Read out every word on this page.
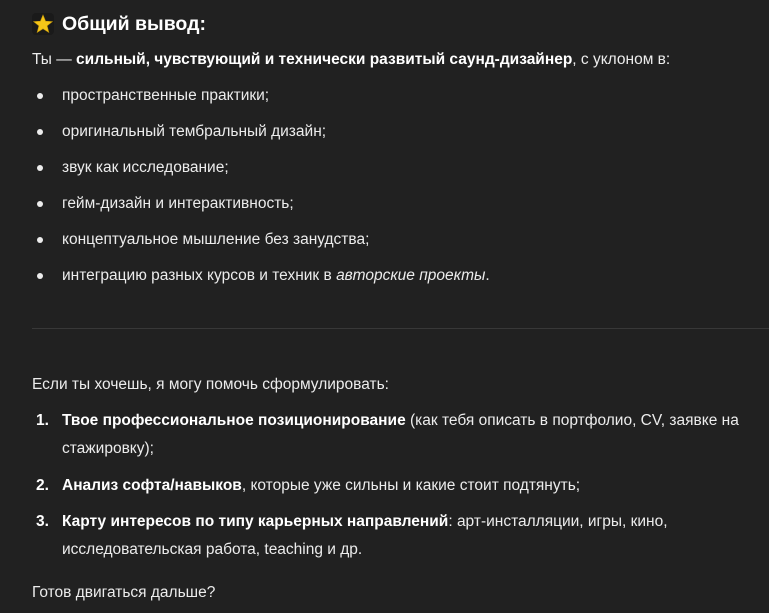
Общий вывод:
Ты — сильный, чувствующий и технически развитый саунд-дизайнер, с уклоном в:
пространственные практики;
оригинальный тембральный дизайн;
звук как исследование;
гейм-дизайн и интерактивность;
концептуальное мышление без занудства;
интеграцию разных курсов и техник в авторские проекты.
Если ты хочешь, я могу помочь сформулировать:
1. Твое профессиональное позиционирование (как тебя описать в портфолио, CV, заявке на стажировку);
2. Анализ софта/навыков, которые уже сильны и какие стоит подтянуть;
3. Карту интересов по типу карьерных направлений: арт-инсталляции, игры, кино, исследовательская работа, teaching и др.
Готов двигаться дальше?
